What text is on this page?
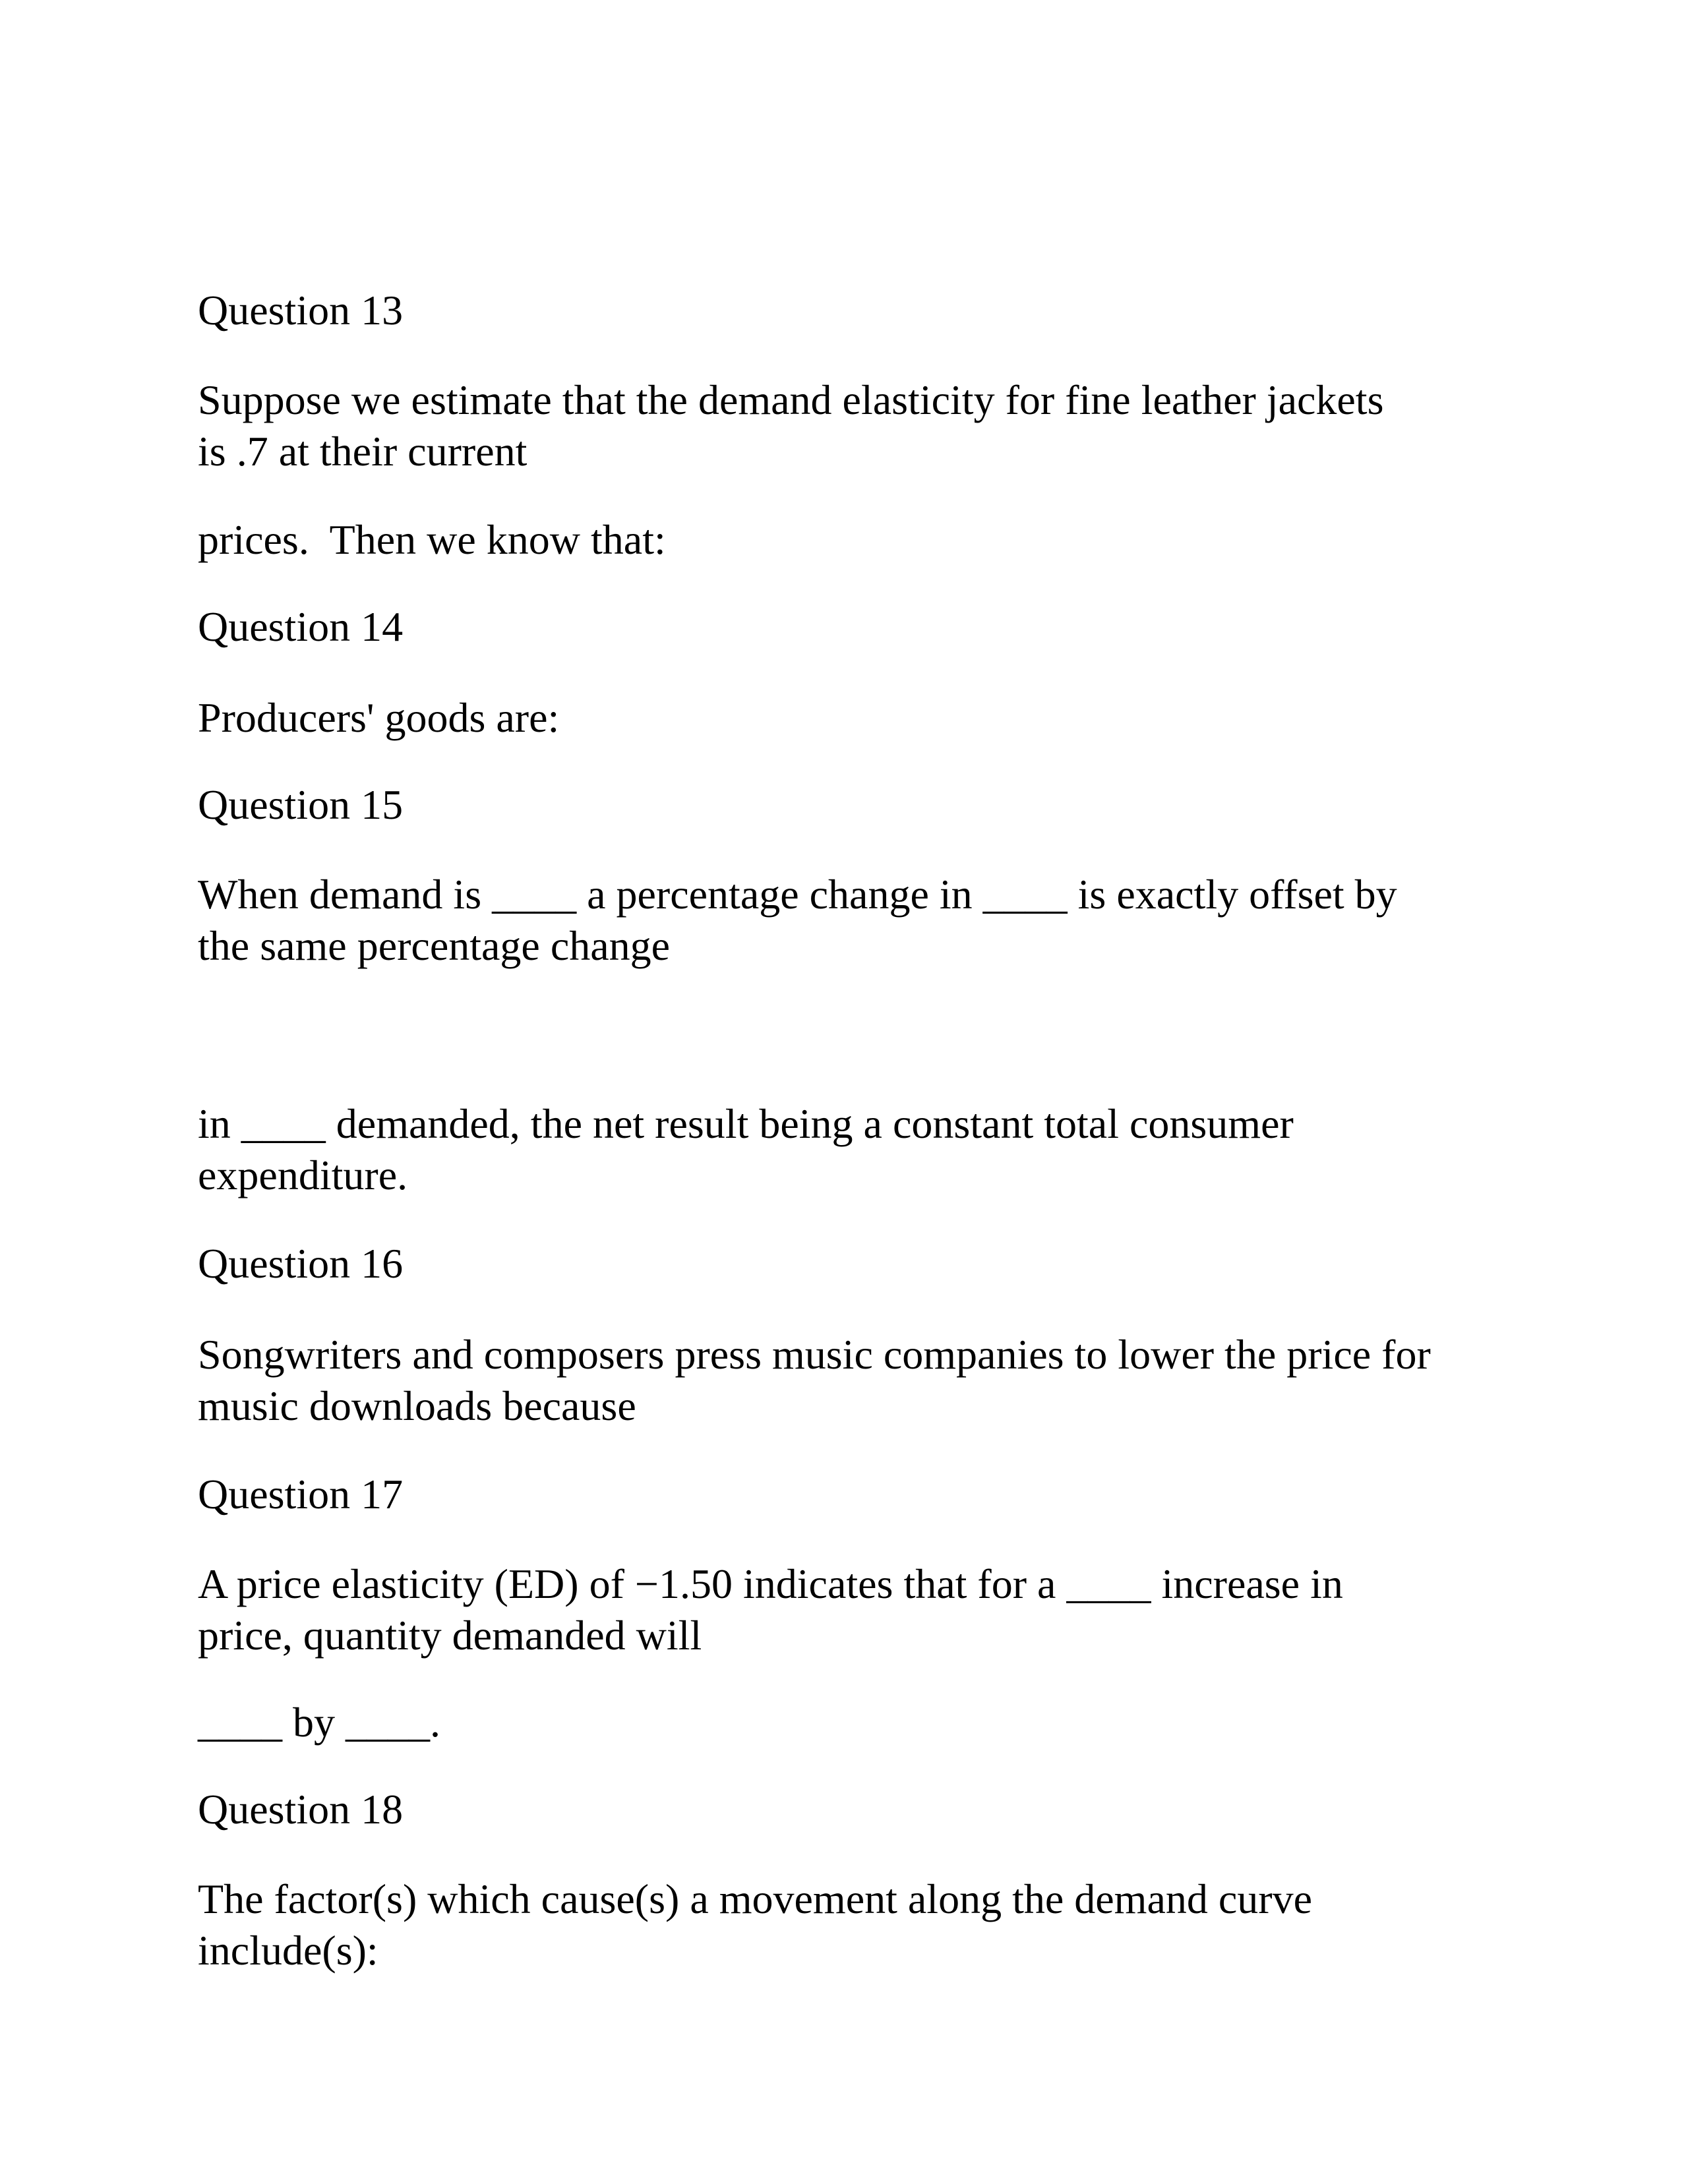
Question 13

Suppose we estimate that the demand elasticity for fine leather jackets
is .7 at their current

prices.  Then we know that:

Question 14

Producers' goods are:

Question 15

When demand is ____ a percentage change in ____ is exactly offset by
the same percentage change

in ____ demanded, the net result being a constant total consumer
expenditure.

Question 16

Songwriters and composers press music companies to lower the price for
music downloads because

Question 17

A price elasticity (ED) of −1.50 indicates that for a ____ increase in
price, quantity demanded will

____ by ____.

Question 18

The factor(s) which cause(s) a movement along the demand curve
include(s):
